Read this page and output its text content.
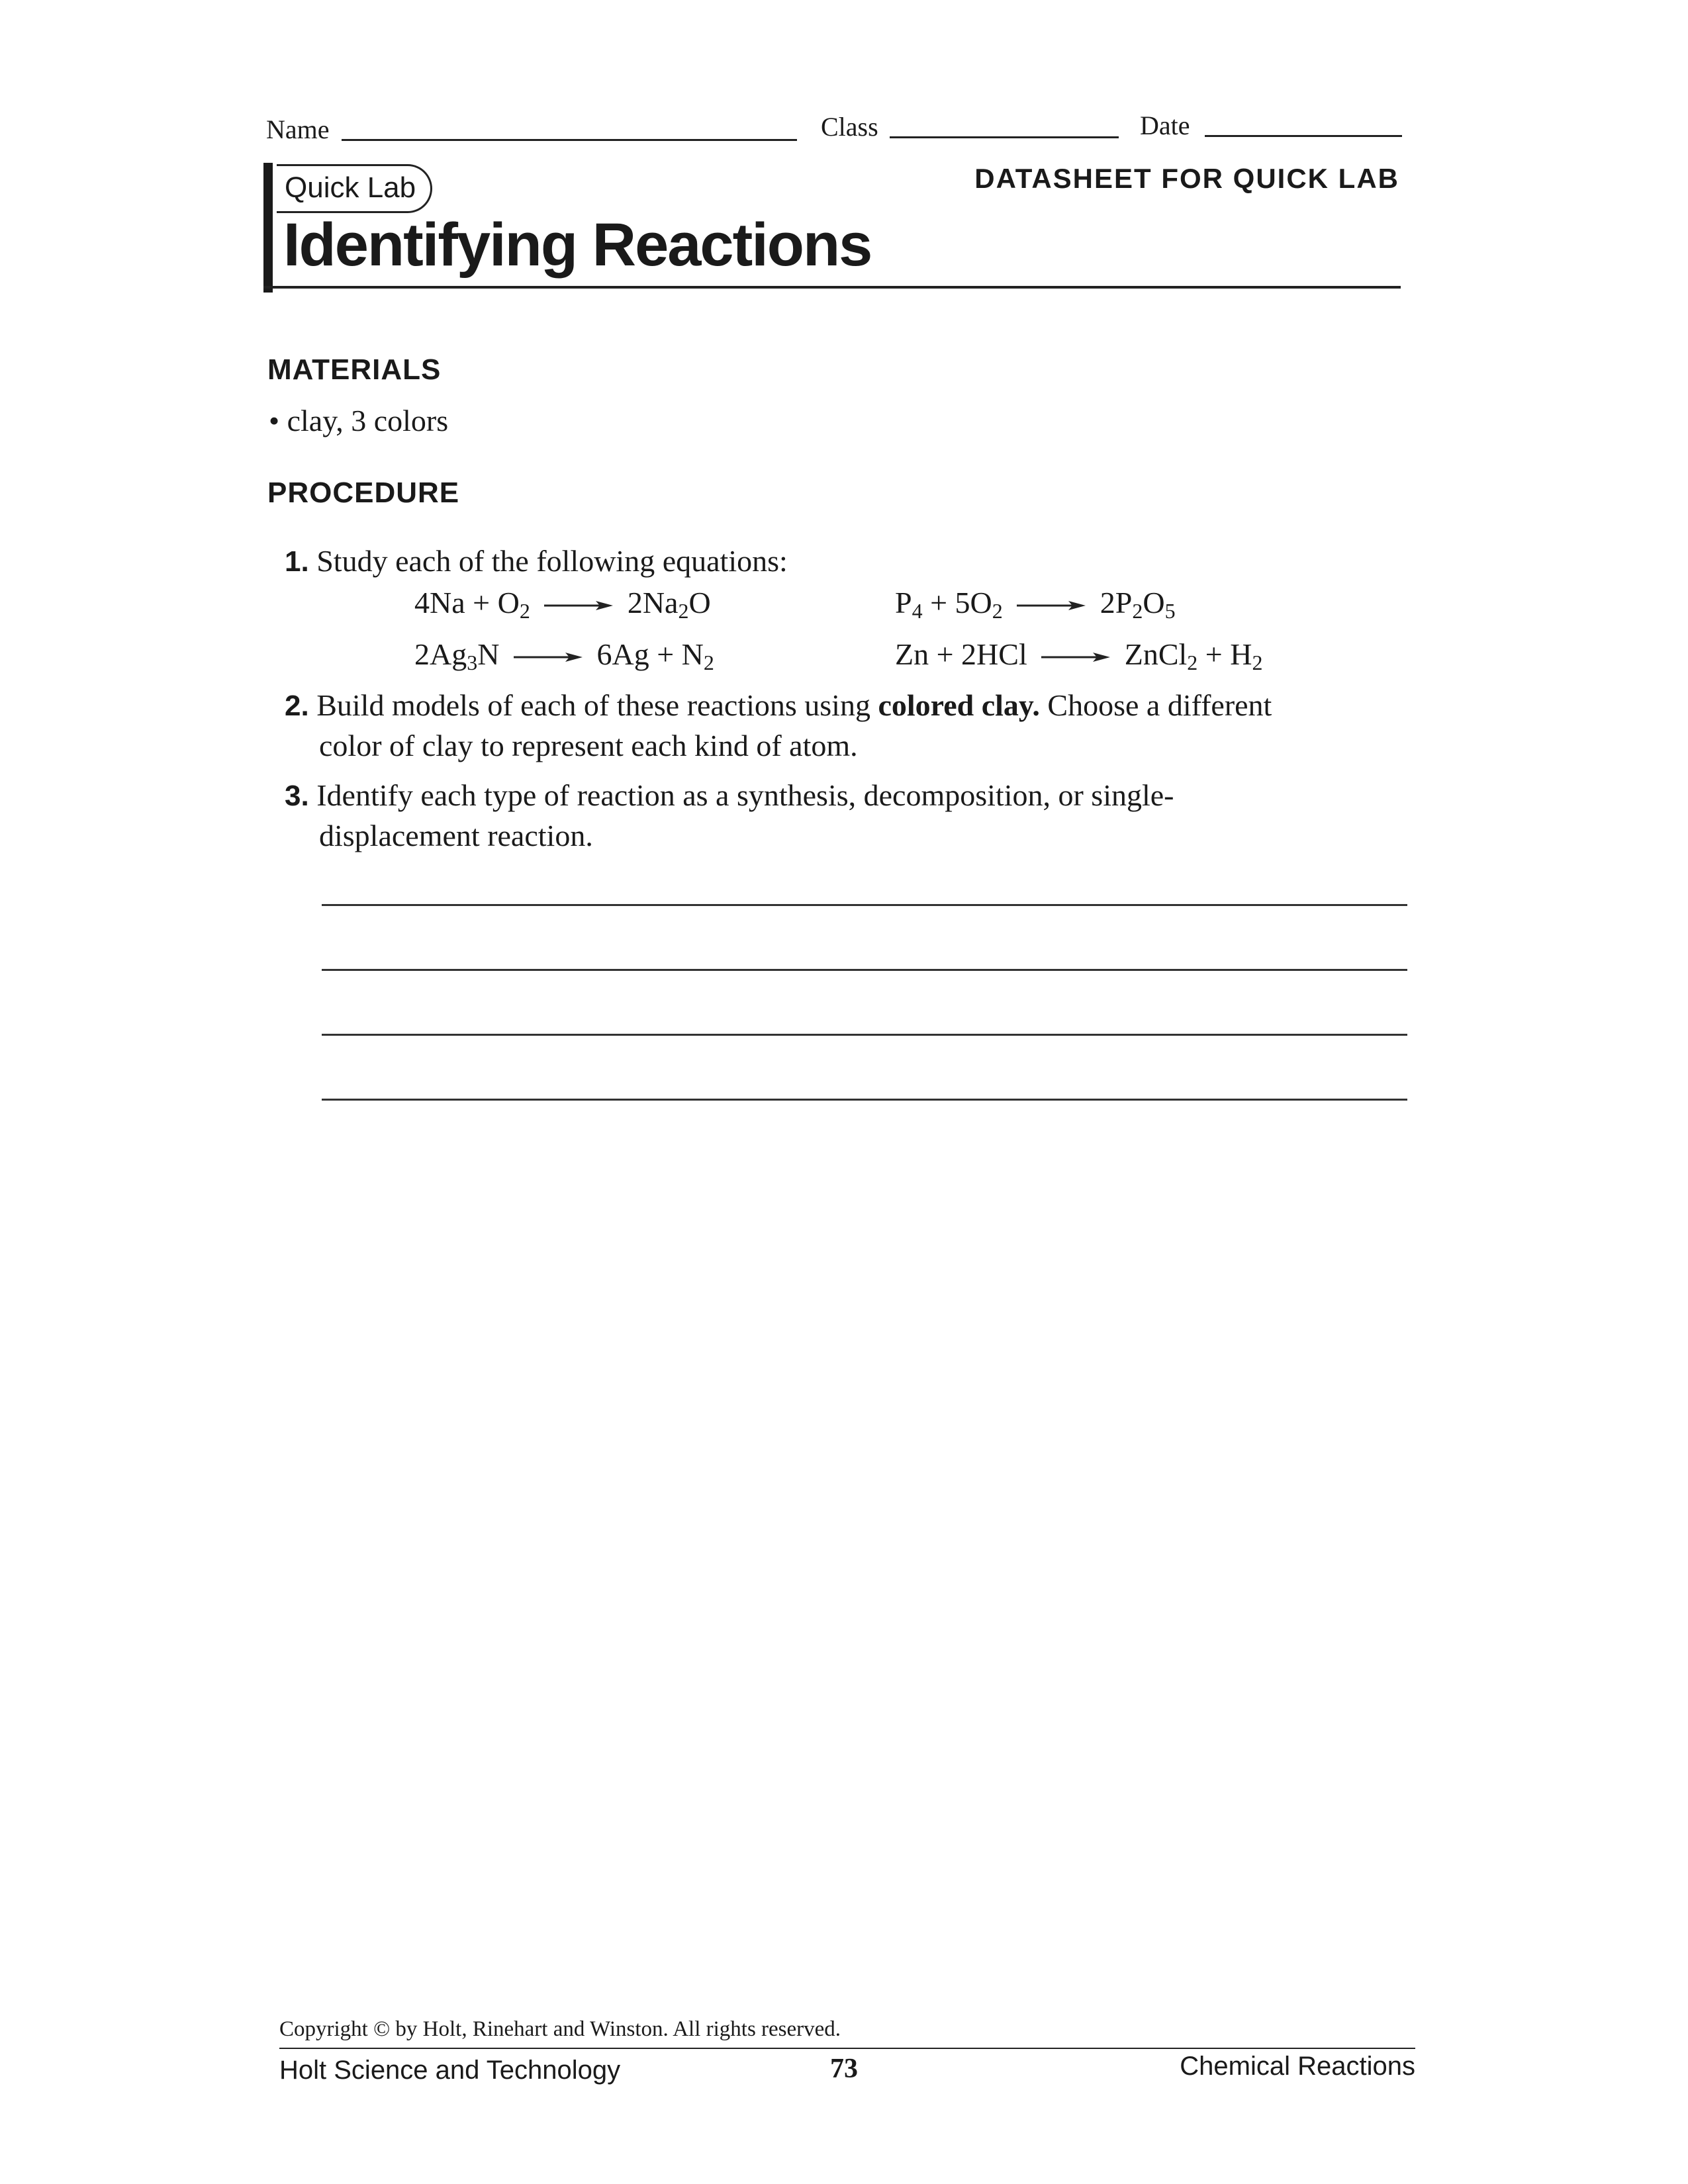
Name	Class	Date
Quick Lab	DATASHEET FOR QUICK LAB
Identifying Reactions
MATERIALS
• clay, 3 colors
PROCEDURE
1. Study each of the following equations:
$4Na + O_2$	$2Na_2O$	$P_4 + 5O_2$	$2P_2O_5$
$2Ag_3N$	$6Ag + N_2$	Zn + 2HCl	ZnCl$_2$ + $H_2$
2. Build models of each of these reactions using colored clay. Choose a different color of clay to represent each kind of atom.
3. Identify each type of reaction as a synthesis, decomposition, or single-displacement reaction.
Copyright © by Holt, Rinehart and Winston. All rights reserved.
Holt Science and Technology	73	Chemical Reactions
